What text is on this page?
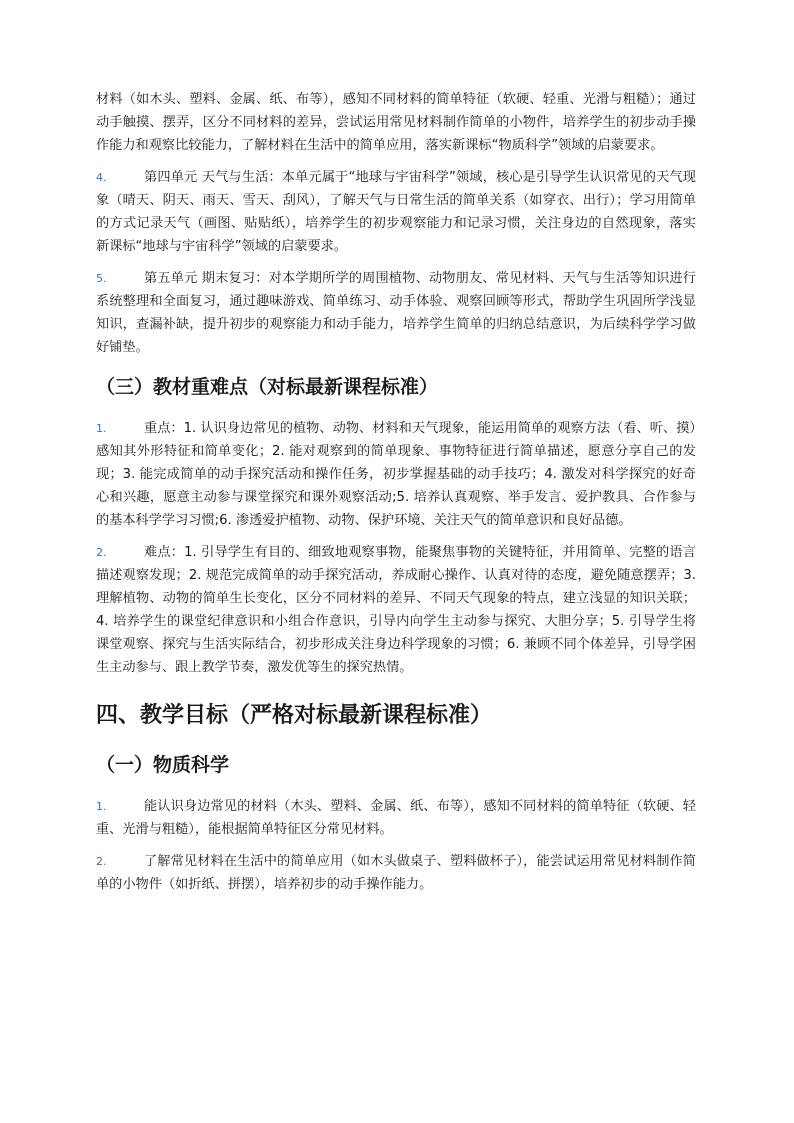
材料（如木头、塑料、金属、纸、布等），感知不同材料的简单特征（软硬、轻重、光滑与粗糙）；通过动手触摸、摆弄，区分不同材料的差异，尝试运用常见材料制作简单的小物件，培养学生的初步动手操作能力和观察比较能力，了解材料在生活中的简单应用，落实新课标“物质科学”领域的启蒙要求。

4.	第四单元 天气与生活：本单元属于“地球与宇宙科学”领域，核心是引导学生认识常见的天气现象（晴天、阴天、雨天、雪天、刮风），了解天气与日常生活的简单关系（如穿衣、出行）；学习用简单的方式记录天气（画图、贴贴纸），培养学生的初步观察能力和记录习惯，关注身边的自然现象，落实新课标“地球与宇宙科学”领域的启蒙要求。
5.	第五单元 期末复习：对本学期所学的周围植物、动物朋友、常见材料、天气与生活等知识进行系统整理和全面复习，通过趣味游戏、简单练习、动手体验、观察回顾等形式，帮助学生巩固所学浅显知识，查漏补缺，提升初步的观察能力和动手能力，培养学生简单的归纳总结意识，为后续科学学习做好铺垫。
（三）教材重难点（对标最新课程标准）
1.	重点：1. 认识身边常见的植物、动物、材料和天气现象，能运用简单的观察方法（看、听、摸）感知其外形特征和简单变化；2. 能对观察到的简单现象、事物特征进行简单描述，愿意分享自己的发现；3. 能完成简单的动手探究活动和操作任务，初步掌握基础的动手技巧；4. 激发对科学探究的好奇心和兴趣，愿意主动参与课堂探究和课外观察活动;5. 培养认真观察、举手发言、爱护教具、合作参与的基本科学学习习惯;6. 渗透爱护植物、动物、保护环境、关注天气的简单意识和良好品德。
2.	难点：1. 引导学生有目的、细致地观察事物，能聚焦事物的关键特征，并用简单、完整的语言描述观察发现；2. 规范完成简单的动手探究活动，养成耐心操作、认真对待的态度，避免随意摆弄；3. 理解植物、动物的简单生长变化，区分不同材料的差异、不同天气现象的特点，建立浅显的知识关联；4. 培养学生的课堂纪律意识和小组合作意识，引导内向学生主动参与探究、大胆分享；5. 引导学生将课堂观察、探究与生活实际结合，初步形成关注身边科学现象的习惯；6. 兼顾不同个体差异，引导学困生主动参与、跟上教学节奏，激发优等生的探究热情。
四、教学目标（严格对标最新课程标准）
（一）物质科学
1.	能认识身边常见的材料（木头、塑料、金属、纸、布等），感知不同材料的简单特征（软硬、轻重、光滑与粗糙），能根据简单特征区分常见材料。
2.	了解常见材料在生活中的简单应用（如木头做桌子、塑料做杯子），能尝试运用常见材料制作简单的小物件（如折纸、拼摆），培养初步的动手操作能力。
